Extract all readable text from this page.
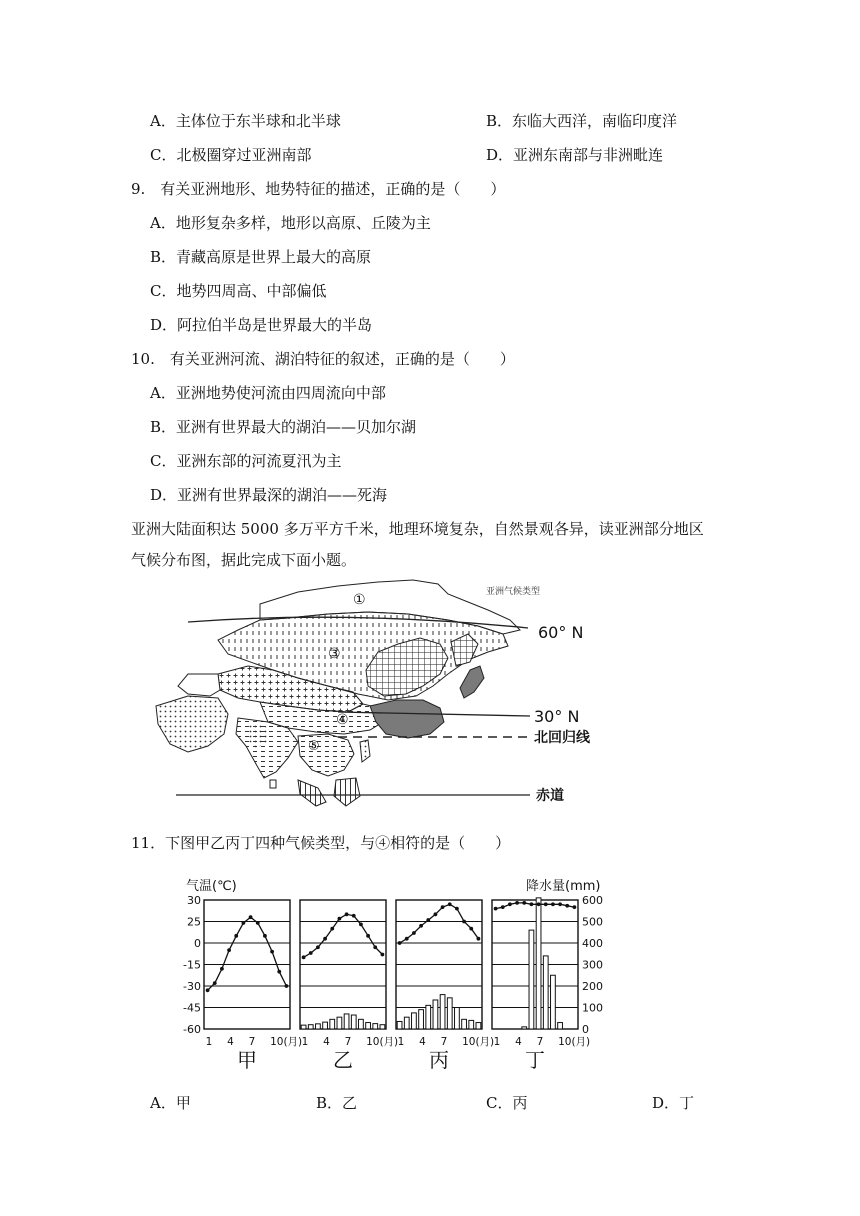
A．主体位于东半球和北半球	B．东临大西洋，南临印度洋
C．北极圈穿过亚洲南部	D．亚洲东南部与非洲毗连
9.　有关亚洲地形、地势特征的描述，正确的是（　　）
A．地形复杂多样，地形以高原、丘陵为主
B．青藏高原是世界上最大的高原
C．地势四周高、中部偏低
D．阿拉伯半岛是世界最大的半岛
10.　有关亚洲河流、湖泊特征的叙述，正确的是（　　）
A．亚洲地势使河流由四周流向中部
B．亚洲有世界最大的湖泊——贝加尔湖
C．亚洲东部的河流夏汛为主
D．亚洲有世界最深的湖泊——死海
亚洲大陆面积达 5000 多万平方千米，地理环境复杂，自然景观各异，读亚洲部分地区
气候分布图，据此完成下面小题。
亚洲气候类型
60° N
30° N
北回归线
赤道
①
③
④
⑤
11．下图甲乙丙丁四种气候类型，与④相符的是（　　）
气温(℃)	降水量(mm)
30
25
0
-15
-30
-45
-60
1 4 7 10(月)
甲
1 4 7 10(月)
乙
1 4 7 10(月)
丙
1 4 7 10(月)
丁
600
500
400
300
200
100
0
A．甲	B．乙	C．丙	D．丁
